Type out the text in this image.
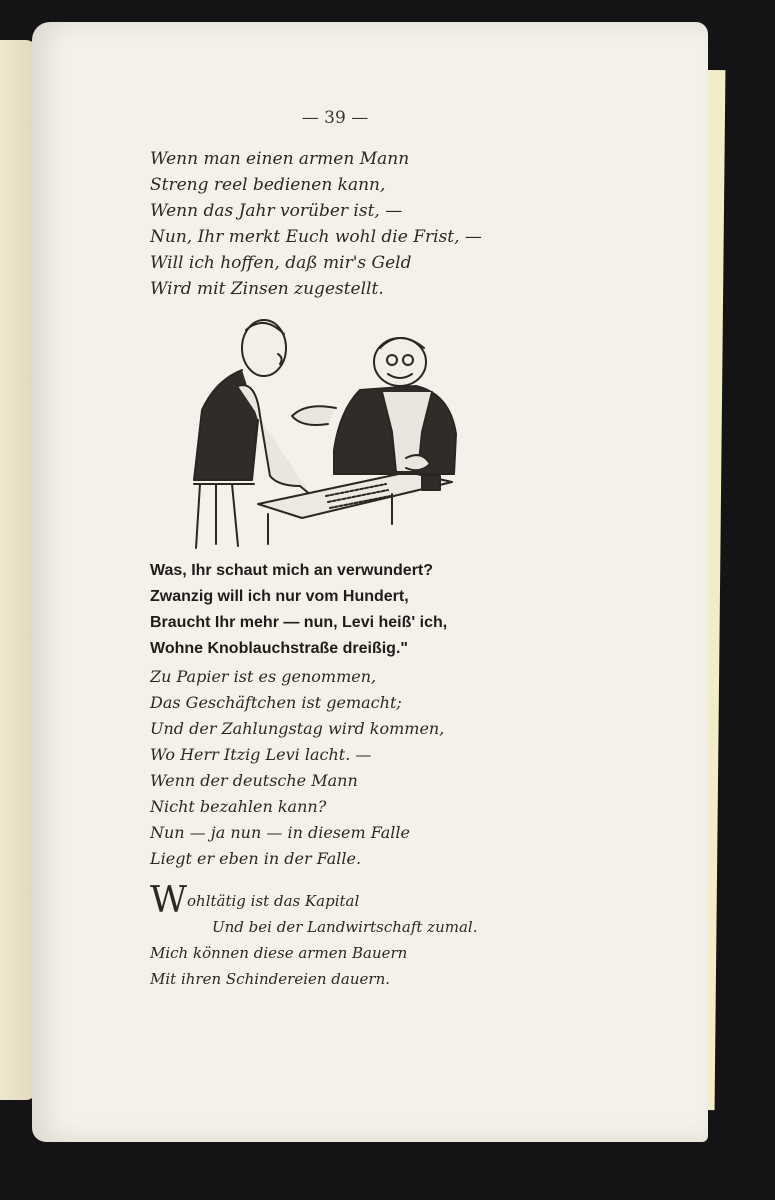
— 39 —
Wenn man einen armen Mann
Streng reel bedienen kann,
Wenn das Jahr vorüber ist, —
Nun, Ihr merkt Euch wohl die Frist, —
Will ich hoffen, daß mir's Geld
Wird mit Zinsen zugestellt.
Was, Ihr schaut mich an verwundert?
Zwanzig will ich nur vom Hundert,
Braucht Ihr mehr — nun, Levi heiß' ich,
Wohne Knoblauchstraße dreißig."
Zu Papier ist es genommen,
Das Geschäftchen ist gemacht;
Und der Zahlungstag wird kommen,
Wo Herr Itzig Levi lacht. —
Wenn der deutsche Mann
Nicht bezahlen kann?
Nun — ja nun — in diesem Falle
Liegt er eben in der Falle.
Wohltätig ist das Kapital
Und bei der Landwirtschaft zumal.
Mich können diese armen Bauern
Mit ihren Schindereien dauern.
